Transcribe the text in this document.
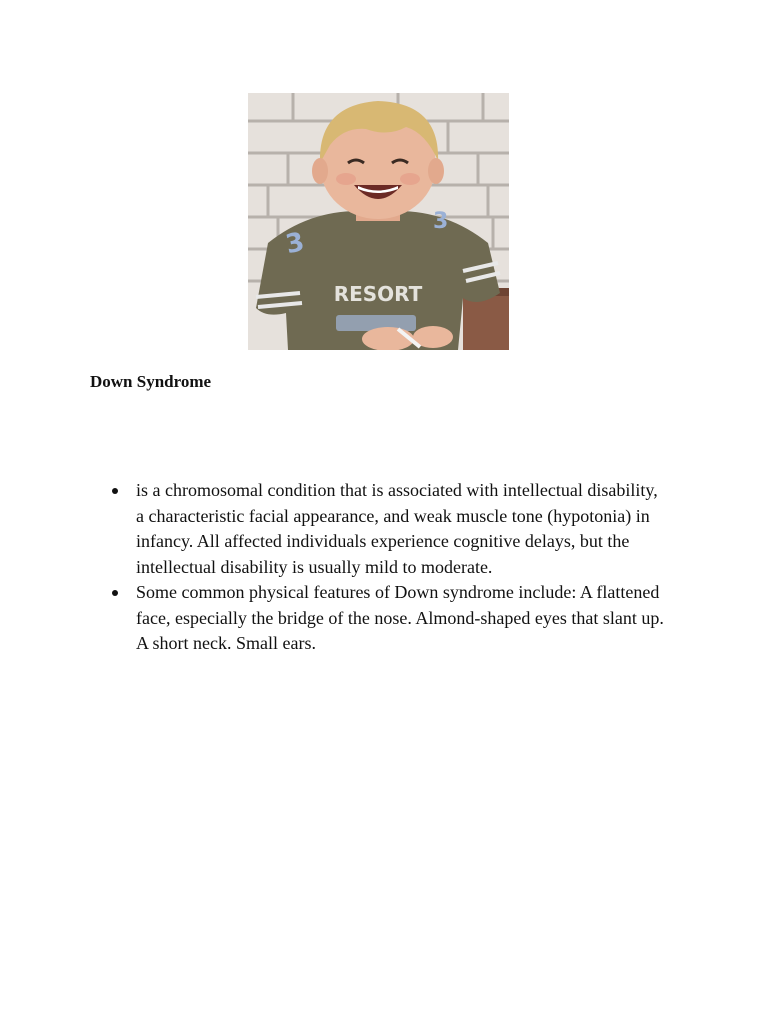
3
3
RESORT
Down Syndrome
is a chromosomal condition that is associated with intellectual disability, a characteristic facial appearance, and weak muscle tone (hypotonia) in infancy. All affected individuals experience cognitive delays, but the intellectual disability is usually mild to moderate.
Some common physical features of Down syndrome include: A flattened face, especially the bridge of the nose. Almond-shaped eyes that slant up. A short neck. Small ears.
